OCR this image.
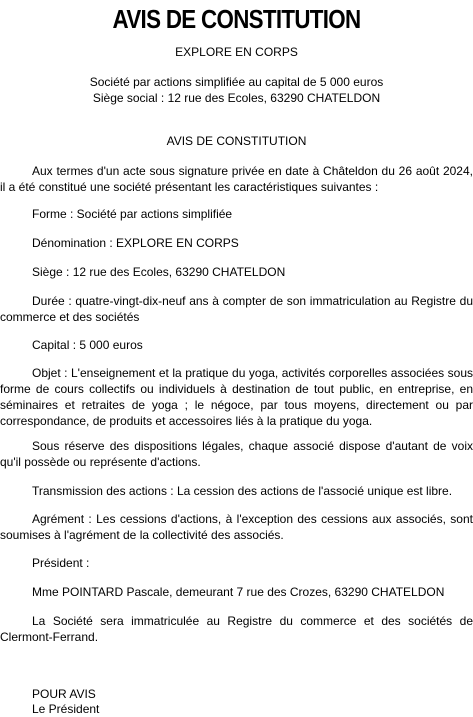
AVIS DE CONSTITUTION
EXPLORE EN CORPS
Société par actions simplifiée au capital de 5 000 euros
Siège social : 12 rue des Ecoles, 63290 CHATELDON
AVIS DE CONSTITUTION
Aux termes d'un acte sous signature privée en date à Châteldon du 26 août 2024, il a été constitué une société présentant les caractéristiques suivantes :
Forme : Société par actions simplifiée
Dénomination : EXPLORE EN CORPS
Siège : 12 rue des Ecoles, 63290 CHATELDON
Durée : quatre-vingt-dix-neuf ans à compter de son immatriculation au Registre du commerce et des sociétés
Capital : 5 000 euros
Objet : L'enseignement et la pratique du yoga, activités corporelles associées sous forme de cours collectifs ou individuels à destination de tout public, en entreprise, en séminaires et retraites de yoga ; le négoce, par tous moyens, directement ou par correspondance, de produits et accessoires liés à la pratique du yoga.
Sous réserve des dispositions légales, chaque associé dispose d'autant de voix qu'il possède ou représente d'actions.
Transmission des actions : La cession des actions de l'associé unique est libre.
Agrément : Les cessions d'actions, à l'exception des cessions aux associés, sont soumises à l'agrément de la collectivité des associés.
Président :
Mme POINTARD Pascale, demeurant 7 rue des Crozes, 63290 CHATELDON
La Société sera immatriculée au Registre du commerce et des sociétés de Clermont-Ferrand.
POUR AVIS
Le Président
